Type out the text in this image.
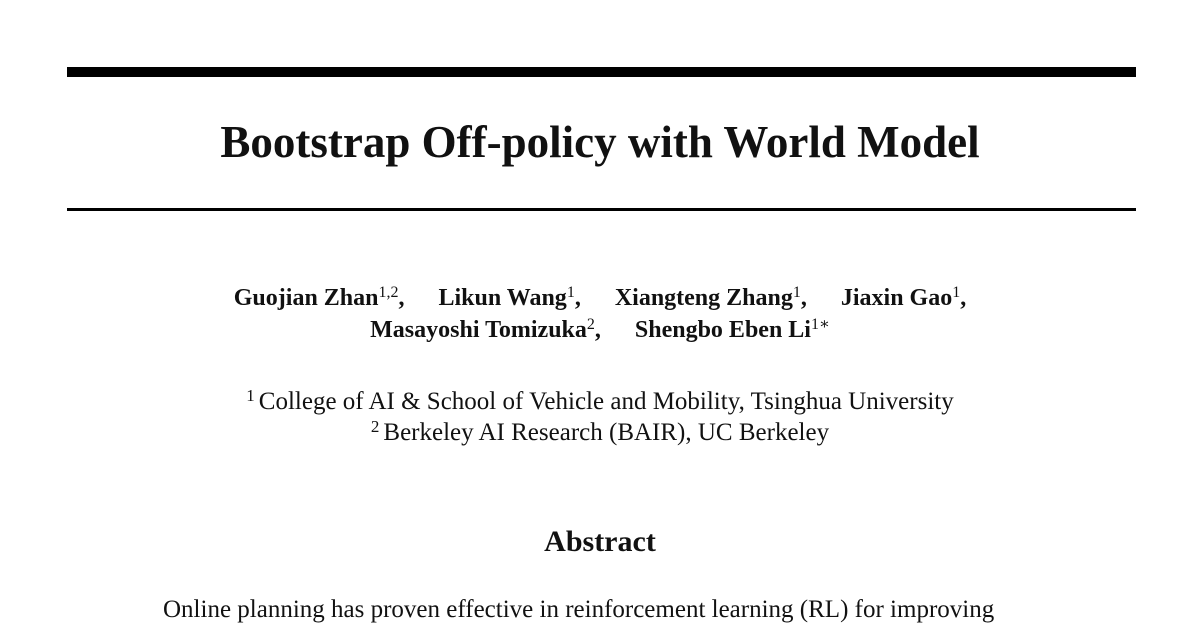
Bootstrap Off-policy with World Model
Guojian Zhan$^{1,2}$, Likun Wang$^1$, Xiangteng Zhang$^1$, Jiaxin Gao$^1$,
Masayoshi Tomizuka$^2$, Shengbo Eben $Li^{1∗}$
$^1$ College of AI & School of Vehicle and Mobility, Tsinghua University
$^2$ Berkeley AI Research (BAIR), UC Berkeley
Abstract
Online planning has proven effective in reinforcement learning (RL) for improving
